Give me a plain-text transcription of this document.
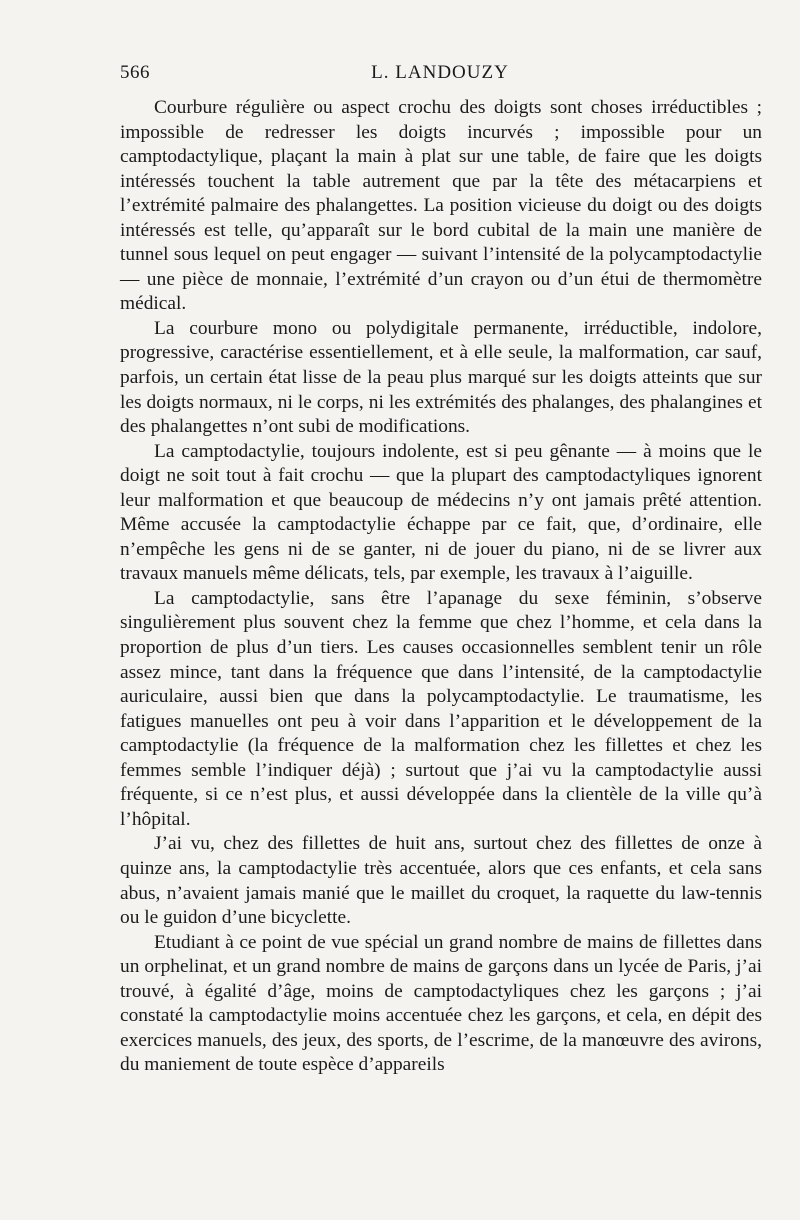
566	L. LANDOUZY

Courbure régulière ou aspect crochu des doigts sont choses irréductibles ; impossible de redresser les doigts incurvés ; impossible pour un camptodactylique, plaçant la main à plat sur une table, de faire que les doigts intéressés touchent la table autrement que par la tête des métacarpiens et l’extrémité palmaire des phalangettes. La position vicieuse du doigt ou des doigts intéressés est telle, qu’apparaît sur le bord cubital de la main une manière de tunnel sous lequel on peut engager — suivant l’intensité de la polycamptodactylie — une pièce de monnaie, l’extrémité d’un crayon ou d’un étui de thermomètre médical.

La courbure mono ou polydigitale permanente, irréductible, indolore, progressive, caractérise essentiellement, et à elle seule, la malformation, car sauf, parfois, un certain état lisse de la peau plus marqué sur les doigts atteints que sur les doigts normaux, ni le corps, ni les extrémités des phalanges, des phalangines et des phalangettes n’ont subi de modifications.

La camptodactylie, toujours indolente, est si peu gênante — à moins que le doigt ne soit tout à fait crochu — que la plupart des camptodactyliques ignorent leur malformation et que beaucoup de médecins n’y ont jamais prêté attention. Même accusée la camptodactylie échappe par ce fait, que, d’ordinaire, elle n’empêche les gens ni de se ganter, ni de jouer du piano, ni de se livrer aux travaux manuels même délicats, tels, par exemple, les travaux à l’aiguille.

La camptodactylie, sans être l’apanage du sexe féminin, s’observe singulièrement plus souvent chez la femme que chez l’homme, et cela dans la proportion de plus d’un tiers. Les causes occasionnelles semblent tenir un rôle assez mince, tant dans la fréquence que dans l’intensité, de la camptodactylie auriculaire, aussi bien que dans la polycamptodactylie. Le traumatisme, les fatigues manuelles ont peu à voir dans l’apparition et le développement de la camptodactylie (la fréquence de la malformation chez les fillettes et chez les femmes semble l’indiquer déjà) ; surtout que j’ai vu la camptodactylie aussi fréquente, si ce n’est plus, et aussi développée dans la clientèle de la ville qu’à l’hôpital.

J’ai vu, chez des fillettes de huit ans, surtout chez des fillettes de onze à quinze ans, la camptodactylie très accentuée, alors que ces enfants, et cela sans abus, n’avaient jamais manié que le maillet du croquet, la raquette du law-tennis ou le guidon d’une bicyclette.

Etudiant à ce point de vue spécial un grand nombre de mains de fillettes dans un orphelinat, et un grand nombre de mains de garçons dans un lycée de Paris, j’ai trouvé, à égalité d’âge, moins de camptodactyliques chez les garçons ; j’ai constaté la camptodactylie moins accentuée chez les garçons, et cela, en dépit des exercices manuels, des jeux, des sports, de l’escrime, de la manœuvre des avirons, du maniement de toute espèce d’appareils
